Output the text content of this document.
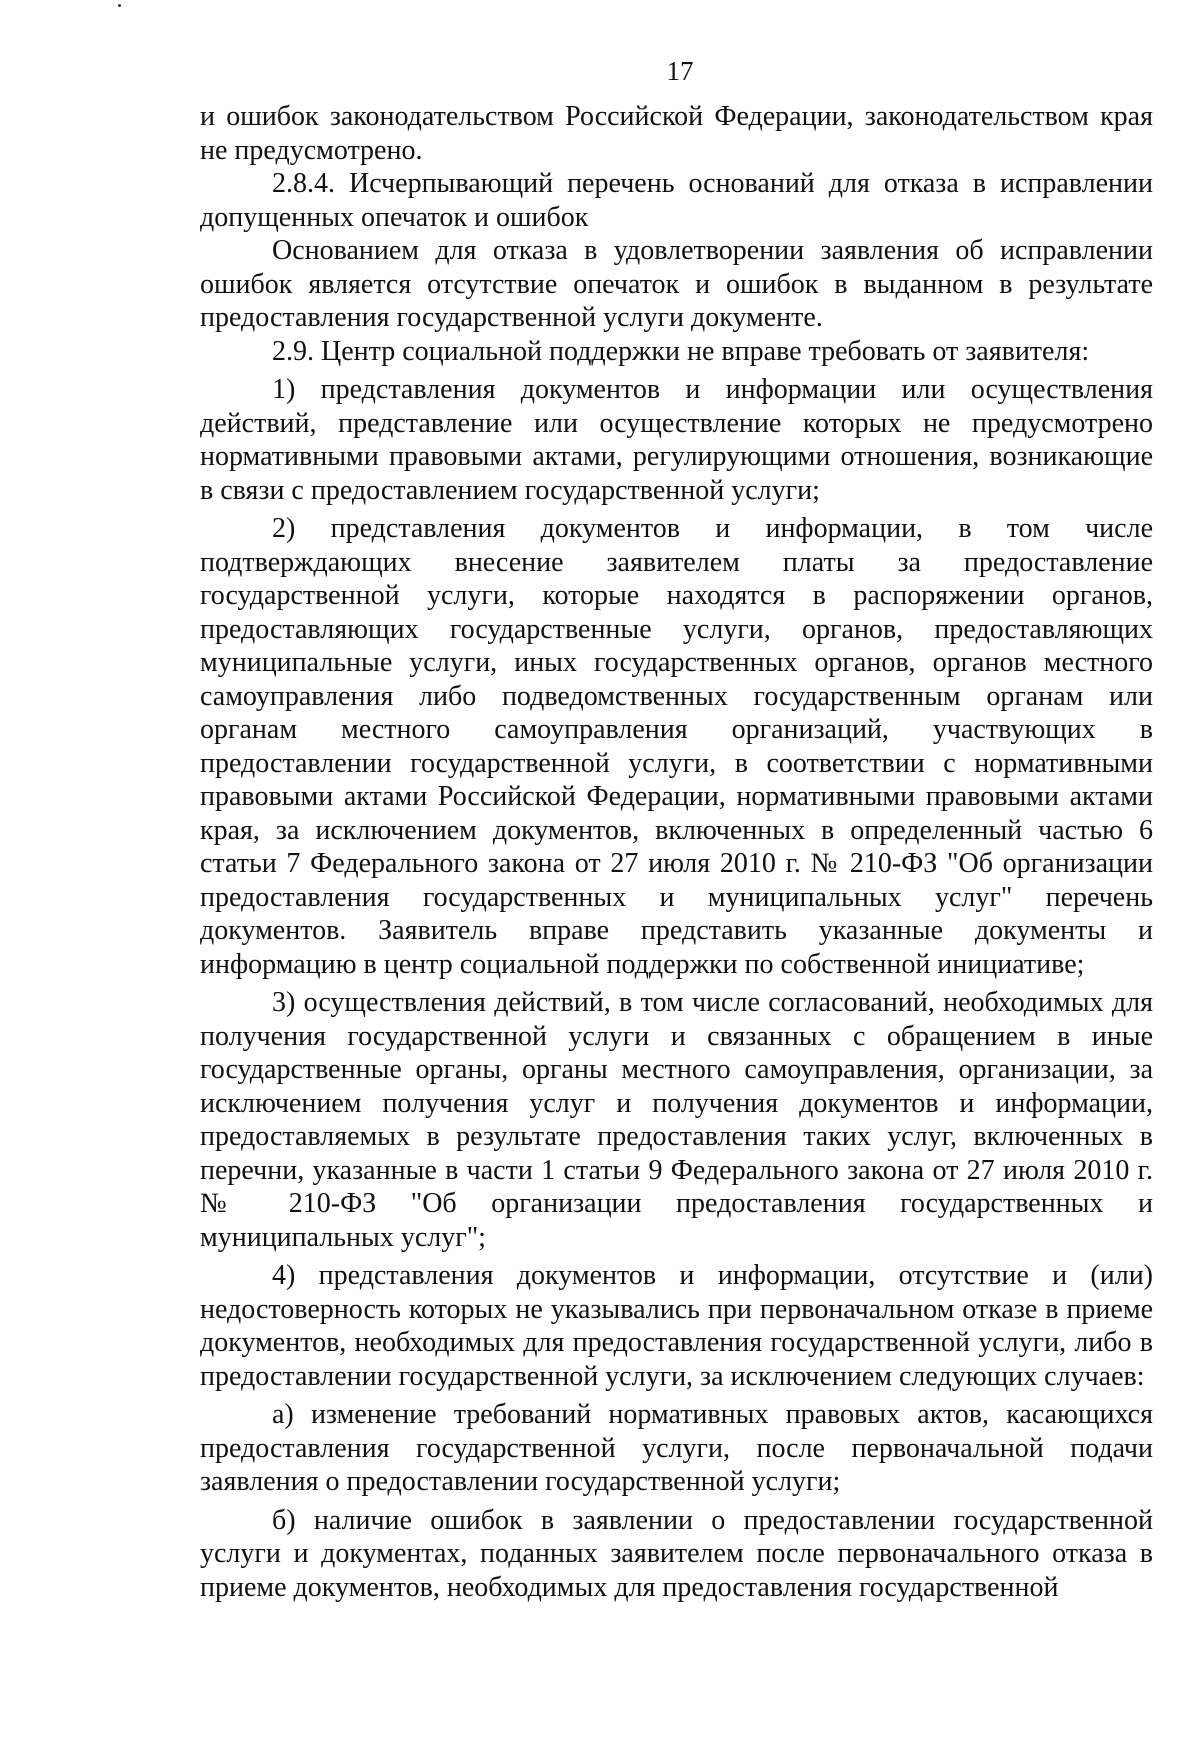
17

и ошибок законодательством Российской Федерации, законодательством края не предусмотрено.

2.8.4. Исчерпывающий перечень оснований для отказа в исправлении допущенных опечаток и ошибок

Основанием для отказа в удовлетворении заявления об исправлении ошибок является отсутствие опечаток и ошибок в выданном в результате предоставления государственной услуги документе.

2.9. Центр социальной поддержки не вправе требовать от заявителя:

1) представления документов и информации или осуществления действий, представление или осуществление которых не предусмотрено нормативными правовыми актами, регулирующими отношения, возникающие в связи с предоставлением государственной услуги;

2) представления документов и информации, в том числе подтверждающих внесение заявителем платы за предоставление государственной услуги, которые находятся в распоряжении органов, предоставляющих государственные услуги, органов, предоставляющих муниципальные услуги, иных государственных органов, органов местного самоуправления либо подведомственных государственным органам или органам местного самоуправления организаций, участвующих в предоставлении государственной услуги, в соответствии с нормативными правовыми актами Российской Федерации, нормативными правовыми актами края, за исключением документов, включенных в определенный частью 6 статьи 7 Федерального закона от 27 июля 2010 г. № 210-ФЗ "Об организации предоставления государственных и муниципальных услуг" перечень документов. Заявитель вправе представить указанные документы и информацию в центр социальной поддержки по собственной инициативе;

3) осуществления действий, в том числе согласований, необходимых для получения государственной услуги и связанных с обращением в иные государственные органы, органы местного самоуправления, организации, за исключением получения услуг и получения документов и информации, предоставляемых в результате предоставления таких услуг, включенных в перечни, указанные в части 1 статьи 9 Федерального закона от 27 июля 2010 г. № 210-ФЗ "Об организации предоставления государственных и муниципальных услуг";

4) представления документов и информации, отсутствие и (или) недостоверность которых не указывались при первоначальном отказе в приеме документов, необходимых для предоставления государственной услуги, либо в предоставлении государственной услуги, за исключением следующих случаев:

а) изменение требований нормативных правовых актов, касающихся предоставления государственной услуги, после первоначальной подачи заявления о предоставлении государственной услуги;

б) наличие ошибок в заявлении о предоставлении государственной услуги и документах, поданных заявителем после первоначального отказа в приеме документов, необходимых для предоставления государственной
